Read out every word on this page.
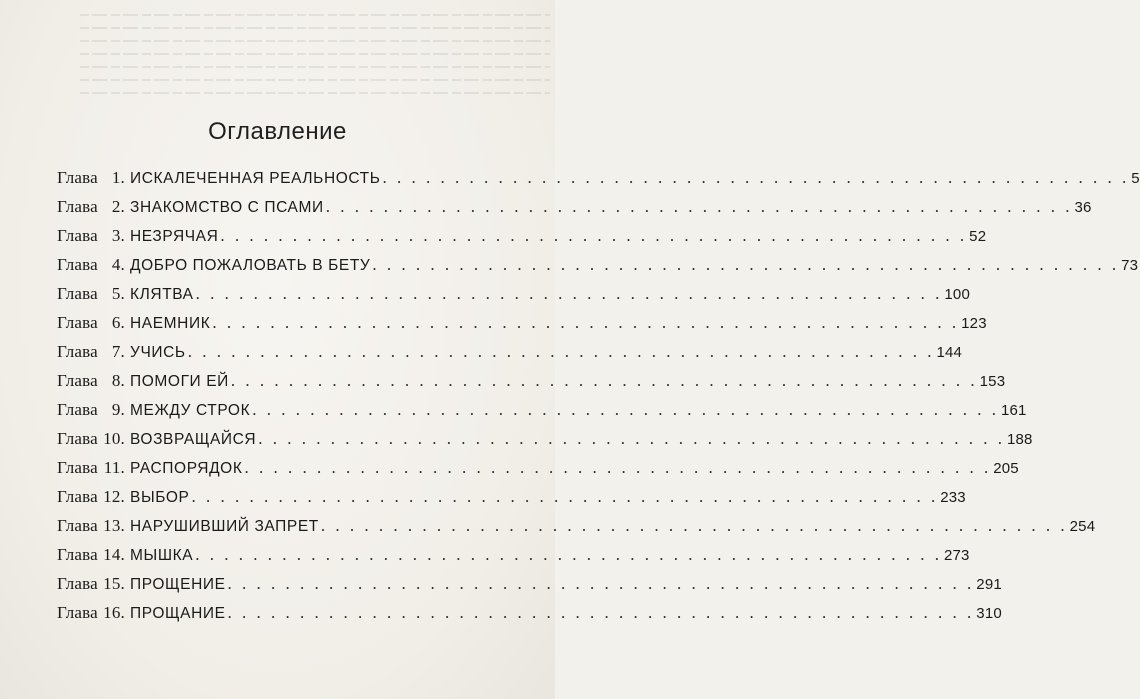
Оглавление
Глава 1. ИСКАЛЕЧЕННАЯ РЕАЛЬНОСТЬ . . . . . . . . . . . . . . . . . . . . . . . . . . . . . . . . . . . . . . . . . . . . . . . . . . . . 5
Глава 2. ЗНАКОМСТВО С ПСАМИ . . . . . . . . . . . . . . . . . . . . . . . . . . . . . . . . . . . . . . . . . . . . . . . . . . . . 36
Глава 3. НЕЗРЯЧАЯ . . . . . . . . . . . . . . . . . . . . . . . . . . . . . . . . . . . . . . . . . . . . . . . . . . . . 52
Глава 4. ДОБРО ПОЖАЛОВАТЬ В БЕТУ . . . . . . . . . . . . . . . . . . . . . . . . . . . . . . . . . . . . . . . . . . . . . . . . . . . . 73
Глава 5. КЛЯТВА . . . . . . . . . . . . . . . . . . . . . . . . . . . . . . . . . . . . . . . . . . . . . . . . . . . . 100
Глава 6. НАЕМНИК . . . . . . . . . . . . . . . . . . . . . . . . . . . . . . . . . . . . . . . . . . . . . . . . . . . . 123
Глава 7. УЧИСЬ . . . . . . . . . . . . . . . . . . . . . . . . . . . . . . . . . . . . . . . . . . . . . . . . . . . . 144
Глава 8. ПОМОГИ ЕЙ . . . . . . . . . . . . . . . . . . . . . . . . . . . . . . . . . . . . . . . . . . . . . . . . . . . . 153
Глава 9. МЕЖДУ СТРОК . . . . . . . . . . . . . . . . . . . . . . . . . . . . . . . . . . . . . . . . . . . . . . . . . . . . 161
Глава 10. ВОЗВРАЩАЙСЯ . . . . . . . . . . . . . . . . . . . . . . . . . . . . . . . . . . . . . . . . . . . . . . . . . . . . 188
Глава 11. РАСПОРЯДОК . . . . . . . . . . . . . . . . . . . . . . . . . . . . . . . . . . . . . . . . . . . . . . . . . . . . 205
Глава 12. ВЫБОР . . . . . . . . . . . . . . . . . . . . . . . . . . . . . . . . . . . . . . . . . . . . . . . . . . . . 233
Глава 13. НАРУШИВШИЙ ЗАПРЕТ . . . . . . . . . . . . . . . . . . . . . . . . . . . . . . . . . . . . . . . . . . . . . . . . . . . . 254
Глава 14. МЫШКА . . . . . . . . . . . . . . . . . . . . . . . . . . . . . . . . . . . . . . . . . . . . . . . . . . . . 273
Глава 15. ПРОЩЕНИЕ . . . . . . . . . . . . . . . . . . . . . . . . . . . . . . . . . . . . . . . . . . . . . . . . . . . . 291
Глава 16. ПРОЩАНИЕ . . . . . . . . . . . . . . . . . . . . . . . . . . . . . . . . . . . . . . . . . . . . . . . . . . . . 310
